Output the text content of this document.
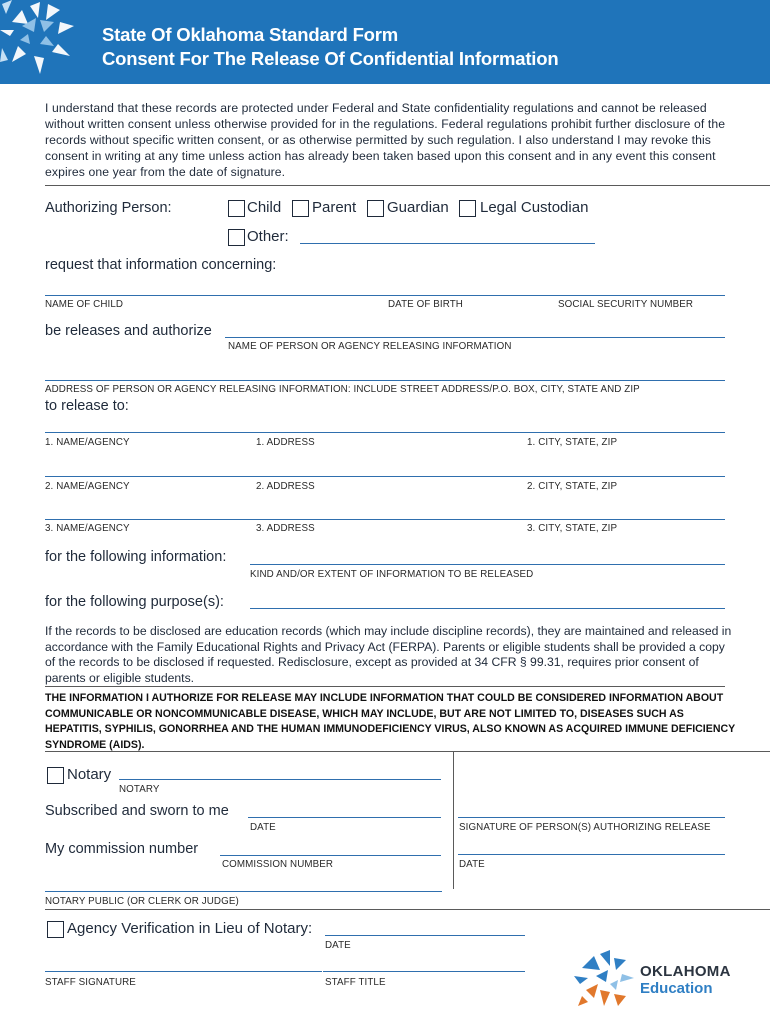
State Of Oklahoma Standard Form
Consent For The Release Of Confidential Information
I understand that these records are protected under Federal and State confidentiality regulations and cannot be released without written consent unless otherwise provided for in the regulations. Federal regulations prohibit further disclosure of the records without specific written consent, or as otherwise permitted by such regulation. I also understand I may revoke this consent in writing at any time unless action has already been taken based upon this consent and in any event this consent expires one year from the date of signature.
Authorizing Person:	Child Parent Guardian Legal Custodian
Other:
request that information concerning:
NAME OF CHILD	DATE OF BIRTH	SOCIAL SECURITY NUMBER
be releases and authorize
NAME OF PERSON OR AGENCY RELEASING INFORMATION
ADDRESS OF PERSON OR AGENCY RELEASING INFORMATION: INCLUDE STREET ADDRESS/P.O. BOX, CITY, STATE AND ZIP
to release to:
1. NAME/AGENCY	1. ADDRESS	1. CITY, STATE, ZIP
2. NAME/AGENCY	2. ADDRESS	2. CITY, STATE, ZIP
3. NAME/AGENCY	3. ADDRESS	3. CITY, STATE, ZIP
for the following information:
KIND AND/OR EXTENT OF INFORMATION TO BE RELEASED
for the following purpose(s):
If the records to be disclosed are education records (which may include discipline records), they are maintained and released in accordance with the Family Educational Rights and Privacy Act (FERPA). Parents or eligible students shall be provided a copy of the records to be disclosed if requested. Redisclosure, except as provided at 34 CFR § 99.31, requires prior consent of parents or eligible students.
THE INFORMATION I AUTHORIZE FOR RELEASE MAY INCLUDE INFORMATION THAT COULD BE CONSIDERED INFORMATION ABOUT COMMUNICABLE OR NONCOMMUNICABLE DISEASE, WHICH MAY INCLUDE, BUT ARE NOT LIMITED TO, DISEASES SUCH AS HEPATITIS, SYPHILIS, GONORRHEA AND THE HUMAN IMMUNODEFICIENCY VIRUS, ALSO KNOWN AS ACQUIRED IMMUNE DEFICIENCY SYNDROME (AIDS).
Notary
NOTARY
Subscribed and sworn to me
DATE
My commission number
COMMISSION NUMBER
NOTARY PUBLIC (OR CLERK OR JUDGE)
SIGNATURE OF PERSON(S) AUTHORIZING RELEASE
DATE
Agency Verification in Lieu of Notary:
DATE
STAFF SIGNATURE	STAFF TITLE
OKLAHOMA
Education
